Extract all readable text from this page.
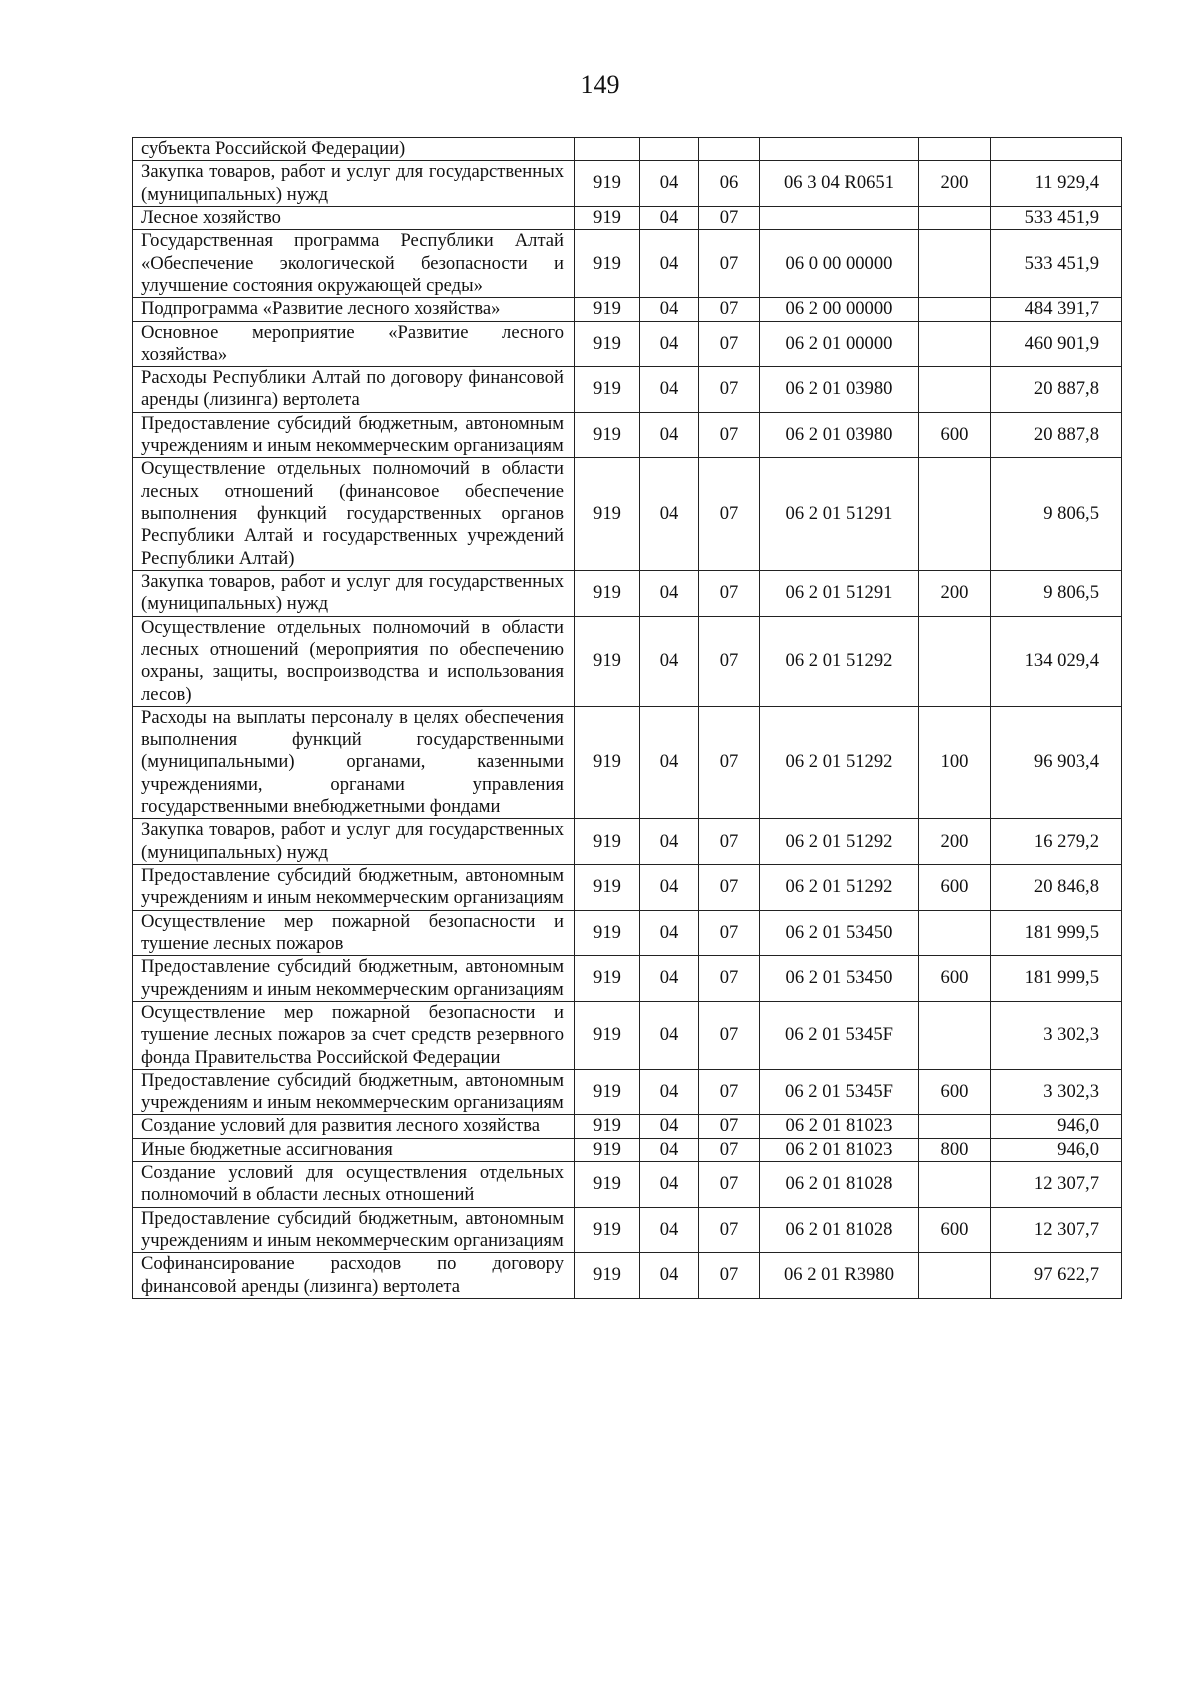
149
субъекта Российской Федерации)						
Закупка товаров, работ и услуг для государственных (муниципальных) нужд	919	04	06	06 3 04 R0651	200	11 929,4
Лесное хозяйство	919	04	07			533 451,9
Государственная программа Республики Алтай «Обеспечение экологической безопасности и улучшение состояния окружающей среды»	919	04	07	06 0 00 00000		533 451,9
Подпрограмма «Развитие лесного хозяйства»	919	04	07	06 2 00 00000		484 391,7
Основное мероприятие «Развитие лесного хозяйства»	919	04	07	06 2 01 00000		460 901,9
Расходы Республики Алтай по договору финансовой аренды (лизинга) вертолета	919	04	07	06 2 01 03980		20 887,8
Предоставление субсидий бюджетным, автономным учреждениям и иным некоммерческим организациям	919	04	07	06 2 01 03980	600	20 887,8
Осуществление отдельных полномочий в области лесных отношений (финансовое обеспечение выполнения функций государственных органов Республики Алтай и государственных учреждений Республики Алтай)	919	04	07	06 2 01 51291		9 806,5
Закупка товаров, работ и услуг для государственных (муниципальных) нужд	919	04	07	06 2 01 51291	200	9 806,5
Осуществление отдельных полномочий в области лесных отношений (мероприятия по обеспечению охраны, защиты, воспроизводства и использования лесов)	919	04	07	06 2 01 51292		134 029,4
Расходы на выплаты персоналу в целях обеспечения выполнения функций государственными (муниципальными) органами, казенными учреждениями, органами управления государственными внебюджетными фондами	919	04	07	06 2 01 51292	100	96 903,4
Закупка товаров, работ и услуг для государственных (муниципальных) нужд	919	04	07	06 2 01 51292	200	16 279,2
Предоставление субсидий бюджетным, автономным учреждениям и иным некоммерческим организациям	919	04	07	06 2 01 51292	600	20 846,8
Осуществление мер пожарной безопасности и тушение лесных пожаров	919	04	07	06 2 01 53450		181 999,5
Предоставление субсидий бюджетным, автономным учреждениям и иным некоммерческим организациям	919	04	07	06 2 01 53450	600	181 999,5
Осуществление мер пожарной безопасности и тушение лесных пожаров за счет средств резервного фонда Правительства Российской Федерации	919	04	07	06 2 01 5345F		3 302,3
Предоставление субсидий бюджетным, автономным учреждениям и иным некоммерческим организациям	919	04	07	06 2 01 5345F	600	3 302,3
Создание условий для развития лесного хозяйства	919	04	07	06 2 01 81023		946,0
Иные бюджетные ассигнования	919	04	07	06 2 01 81023	800	946,0
Создание условий для осуществления отдельных полномочий в области лесных отношений	919	04	07	06 2 01 81028		12 307,7
Предоставление субсидий бюджетным, автономным учреждениям и иным некоммерческим организациям	919	04	07	06 2 01 81028	600	12 307,7
Софинансирование расходов по договору финансовой аренды (лизинга) вертолета	919	04	07	06 2 01 R3980		97 622,7
